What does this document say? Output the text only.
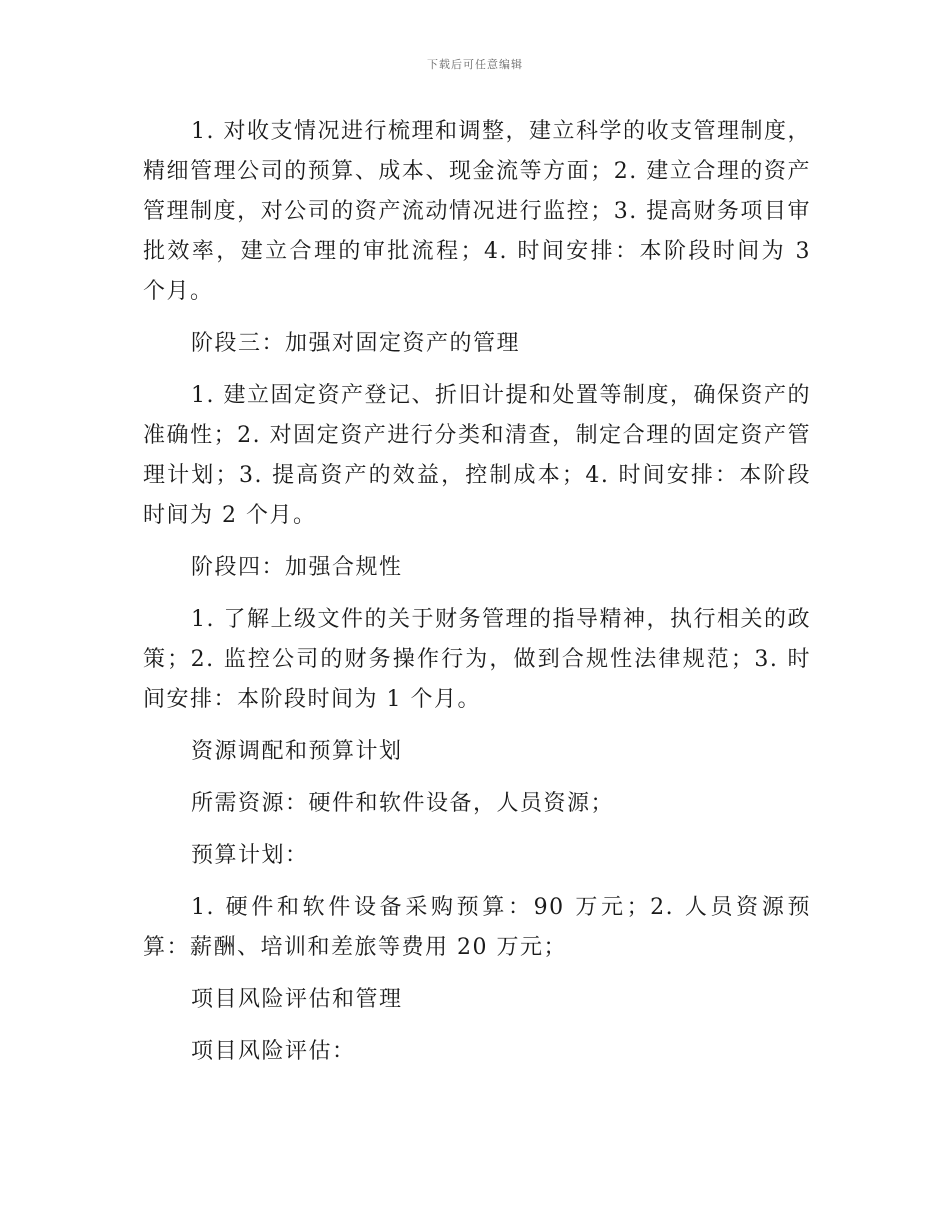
下载后可任意编辑

1. 对收支情况进行梳理和调整，建立科学的收支管理制度，精细管理公司的预算、成本、现金流等方面；2. 建立合理的资产管理制度，对公司的资产流动情况进行监控；3. 提高财务项目审批效率，建立合理的审批流程；4. 时间安排：本阶段时间为 3 个月。

阶段三：加强对固定资产的管理

1. 建立固定资产登记、折旧计提和处置等制度，确保资产的准确性；2. 对固定资产进行分类和清查，制定合理的固定资产管理计划；3. 提高资产的效益，控制成本；4. 时间安排：本阶段时间为 2 个月。

阶段四：加强合规性

1. 了解上级文件的关于财务管理的指导精神，执行相关的政策；2. 监控公司的财务操作行为，做到合规性法律规范；3. 时间安排：本阶段时间为 1 个月。

资源调配和预算计划

所需资源：硬件和软件设备，人员资源；

预算计划：

1. 硬件和软件设备采购预算：90 万元；2. 人员资源预算：薪酬、培训和差旅等费用 20 万元；

项目风险评估和管理

项目风险评估：
